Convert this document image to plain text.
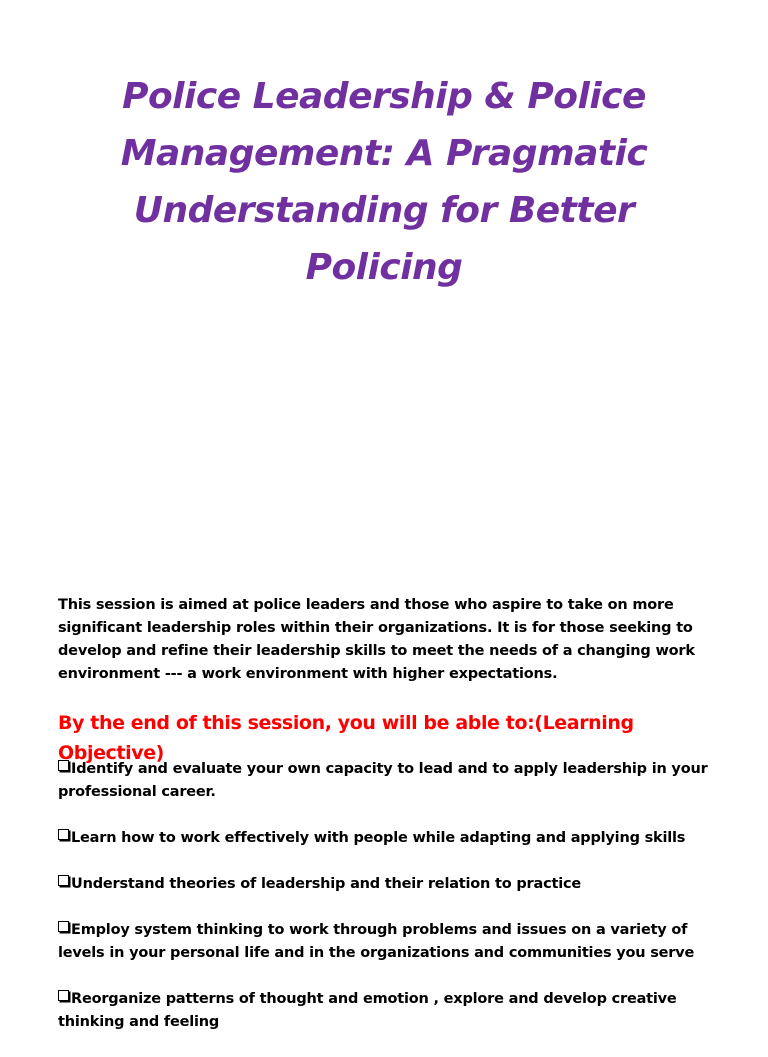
Police Leadership & Police Management: A Pragmatic Understanding for Better Policing

This session is aimed at police leaders and those who aspire to take on more significant leadership roles within their organizations. It is for those seeking to develop and refine their leadership skills to meet the needs of a changing work environment --- a work environment with higher expectations.

By the end of this session, you will be able to:(Learning Objective)
Identify and evaluate your own capacity to lead and to apply leadership in your professional career.
Learn how to work effectively with people while adapting and applying skills
Understand theories of leadership and their relation to practice
Employ system thinking to work through problems and issues on a variety of levels in your personal life and in the organizations and communities you serve
Reorganize patterns of thought and emotion , explore and develop creative thinking and feeling
